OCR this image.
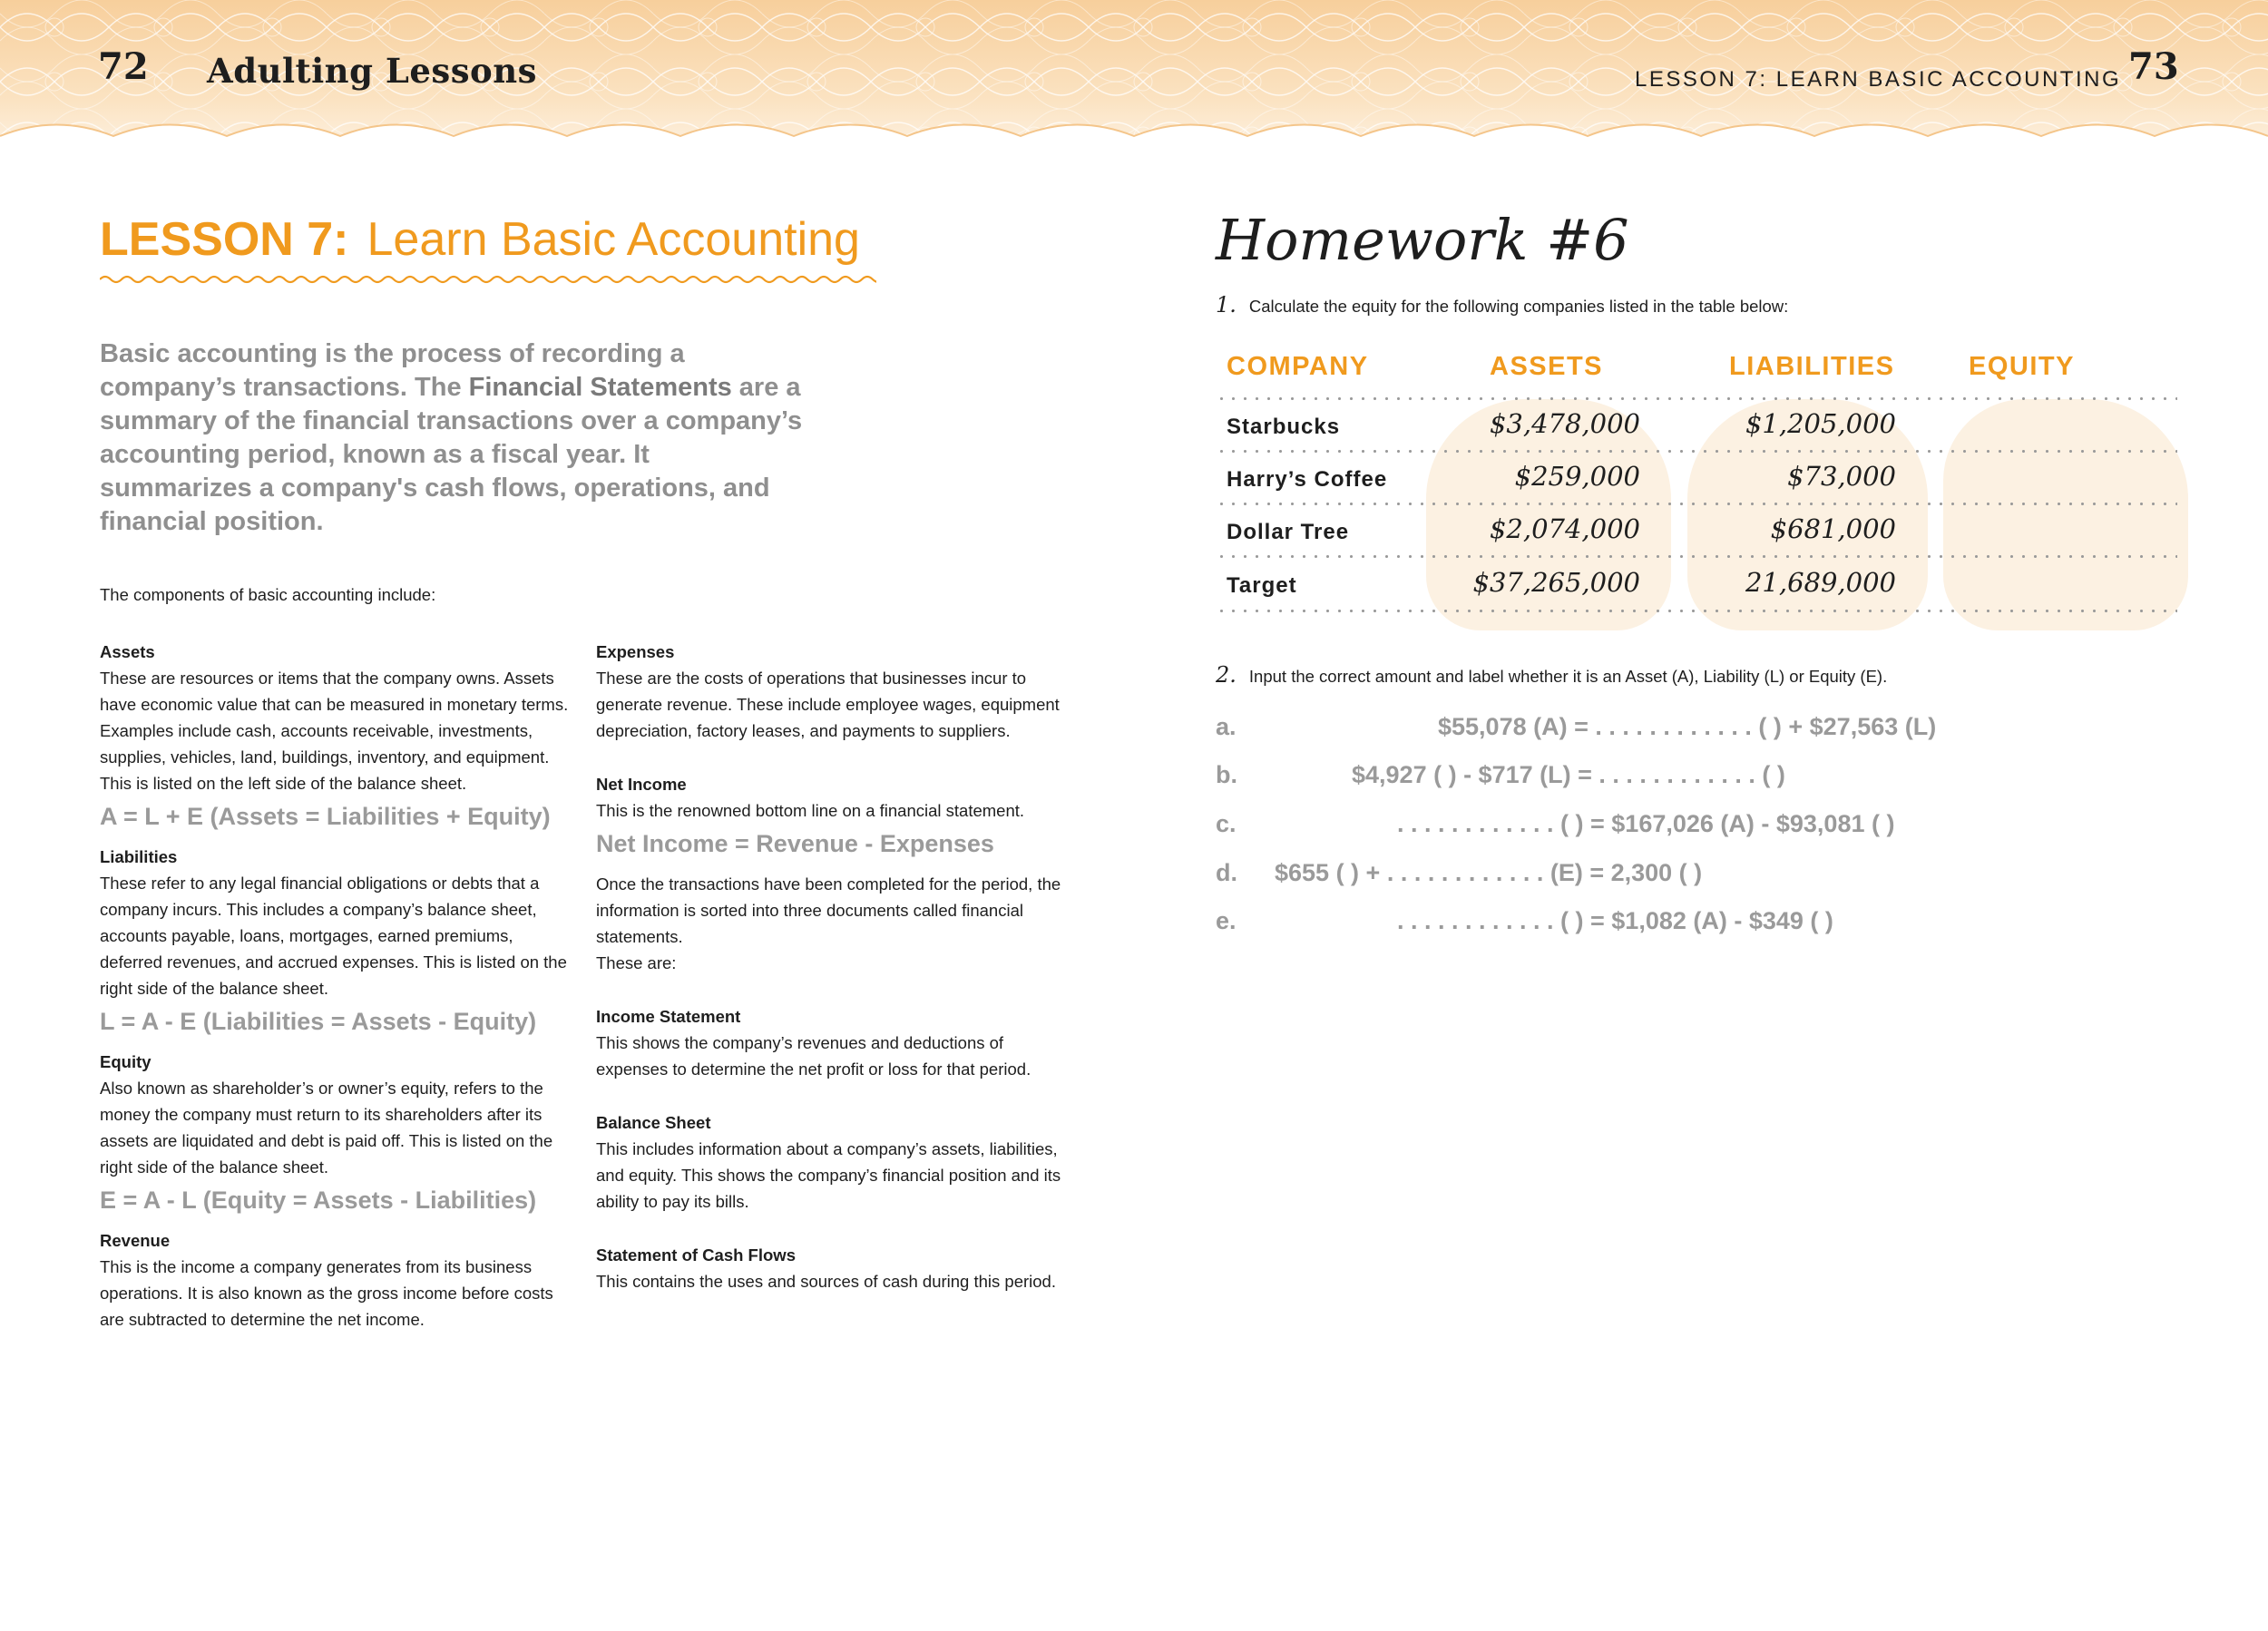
72 Adulting Lessons	LESSON 7: LEARN BASIC ACCOUNTING 73
LESSON 7: Learn Basic Accounting
Basic accounting is the process of recording a company’s transactions. The Financial Statements are a summary of the financial transactions over a company’s accounting period, known as a fiscal year. It summarizes a company's cash flows, operations, and financial position.
The components of basic accounting include:
Assets
These are resources or items that the company owns. Assets have economic value that can be measured in monetary terms. Examples include cash, accounts receivable, investments, supplies, vehicles, land, buildings, inventory, and equipment. This is listed on the left side of the balance sheet.
A = L + E (Assets = Liabilities + Equity)
Liabilities
These refer to any legal financial obligations or debts that a company incurs. This includes a company’s balance sheet, accounts payable, loans, mortgages, earned premiums, deferred revenues, and accrued expenses. This is listed on the right side of the balance sheet.
L = A - E (Liabilities = Assets - Equity)
Equity
Also known as shareholder’s or owner’s equity, refers to the money the company must return to its shareholders after its assets are liquidated and debt is paid off. This is listed on the right side of the balance sheet.
E = A - L (Equity = Assets - Liabilities)
Revenue
This is the income a company generates from its business operations. It is also known as the gross income before costs are subtracted to determine the net income.
Expenses
These are the costs of operations that businesses incur to generate revenue. These include employee wages, equipment depreciation, factory leases, and payments to suppliers.
Net Income
This is the renowned bottom line on a financial statement.
Net Income = Revenue - Expenses
Once the transactions have been completed for the period, the information is sorted into three documents called financial statements.
These are:
Income Statement
This shows the company’s revenues and deductions of expenses to determine the net profit or loss for that period.
Balance Sheet
This includes information about a company’s assets, liabilities, and equity. This shows the company’s financial position and its ability to pay its bills.
Statement of Cash Flows
This contains the uses and sources of cash during this period.
Homework #6
1. Calculate the equity for the following companies listed in the table below:
COMPANY	ASSETS	LIABILITIES	EQUITY
Starbucks	$3,478,000	$1,205,000
Harry’s Coffee	$259,000	$73,000
Dollar Tree	$2,074,000	$681,000
Target	$37,265,000	21,689,000
2. Input the correct amount and label whether it is an Asset (A), Liability (L) or Equity (E).
a.	$55,078 (A) = . . . . . . . . . . . . ( ) + $27,563 (L)
b.	$4,927 ( ) - $717 (L) = . . . . . . . . . . . . ( )
c.	. . . . . . . . . . . . ( ) = $167,026 (A) - $93,081 ( )
d. $655 ( ) + . . . . . . . . . . . . (E) = 2,300 ( )
e.	. . . . . . . . . . . . ( ) = $1,082 (A) - $349 ( )
